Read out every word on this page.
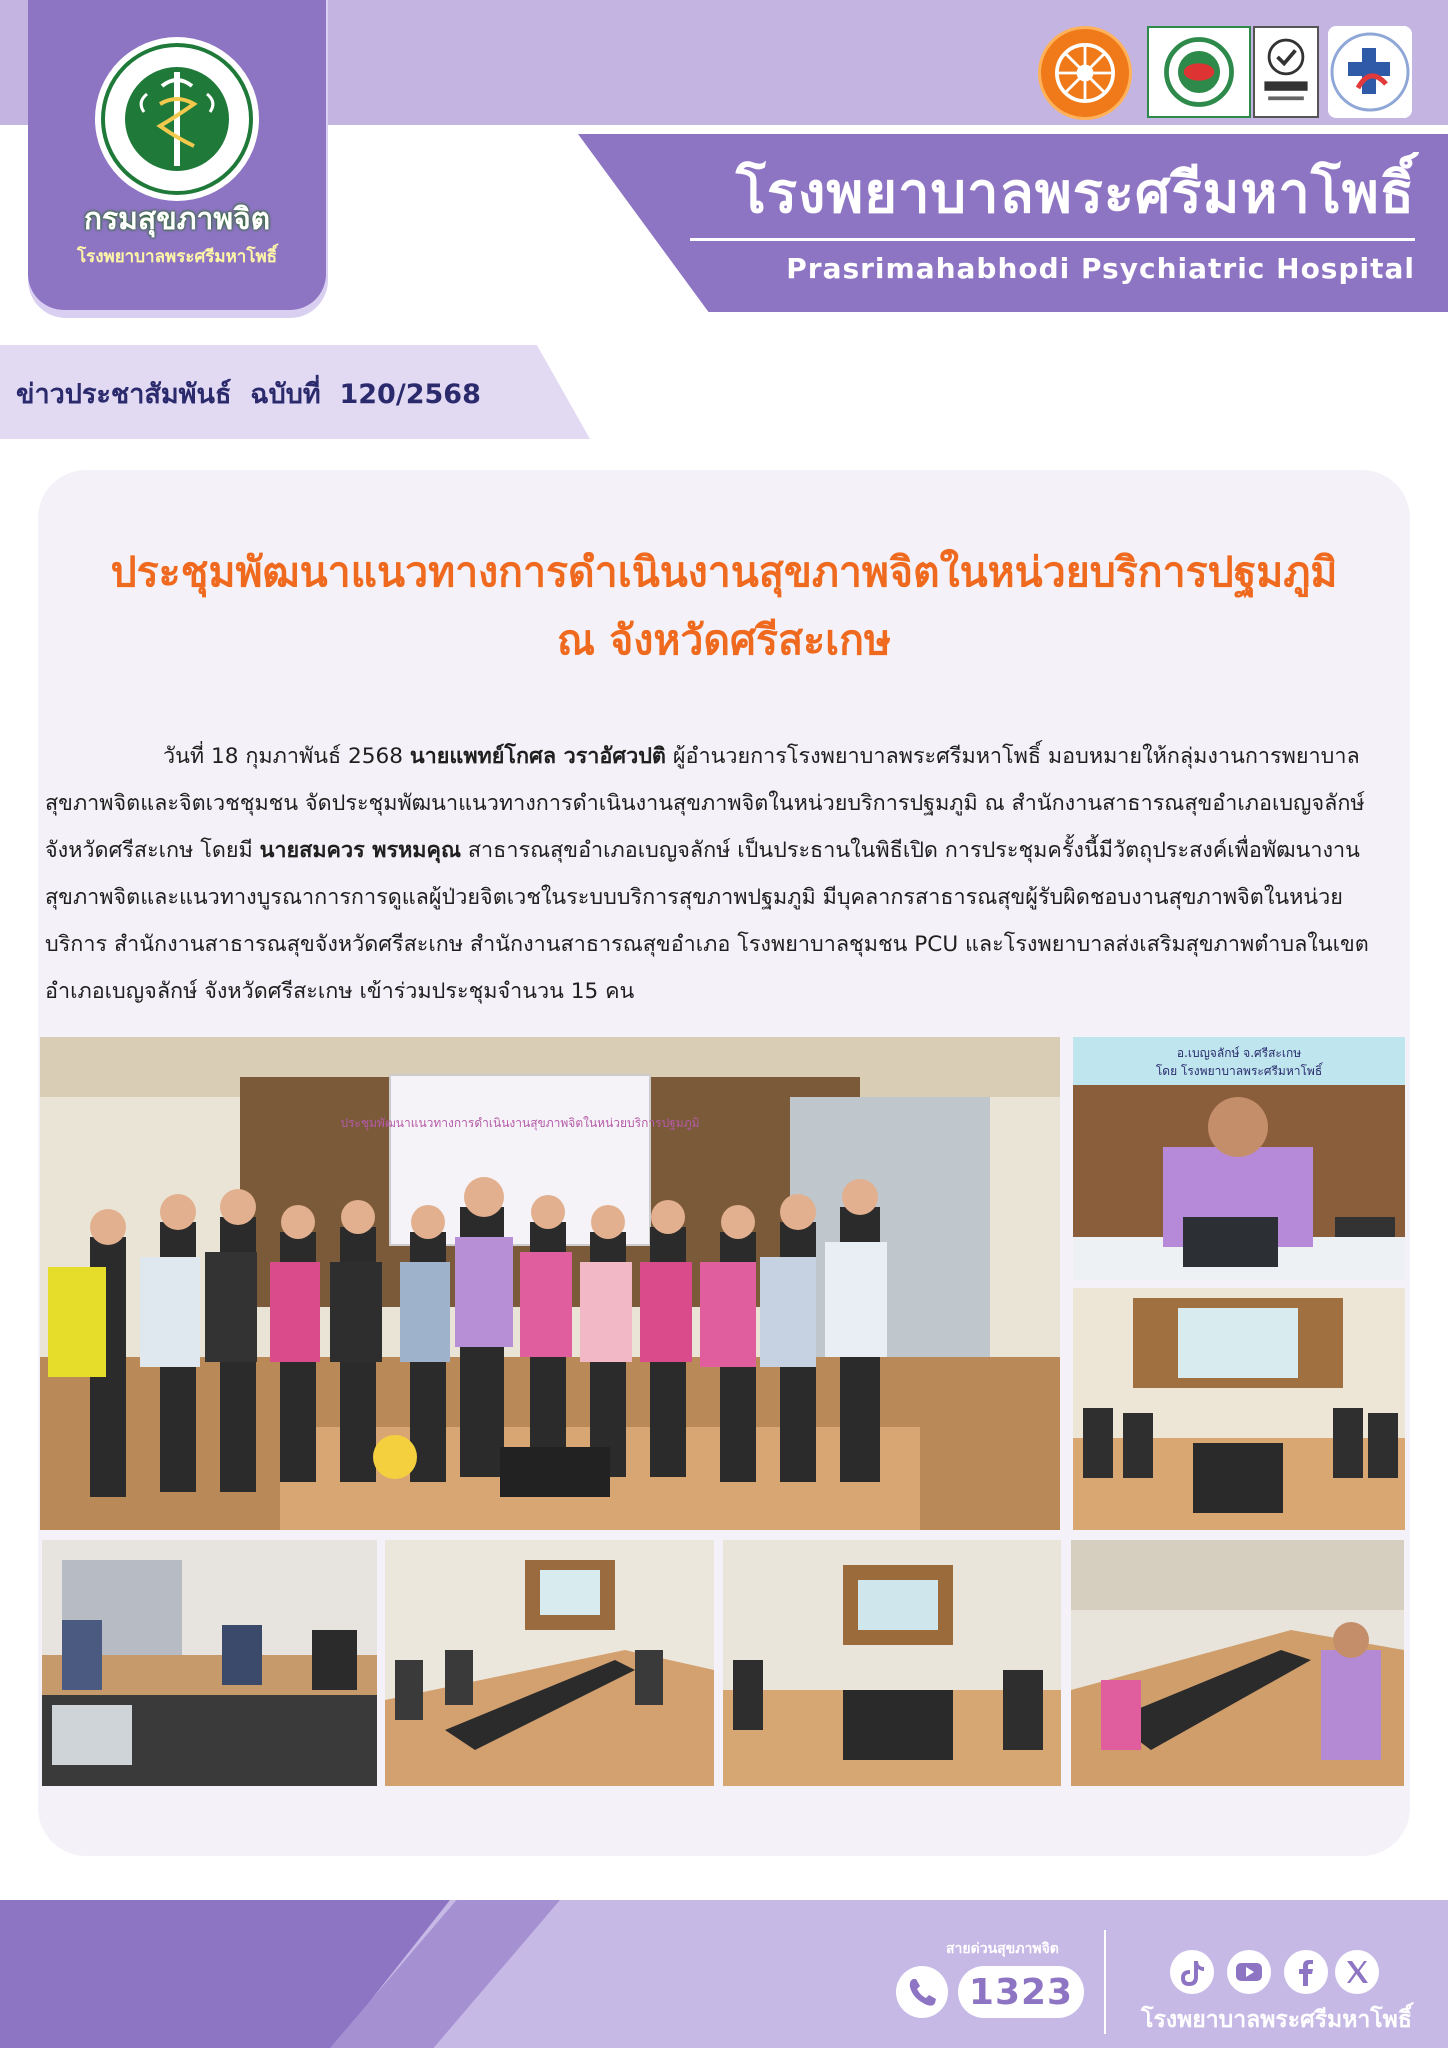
กรมสุขภาพจิต
โรงพยาบาลพระศรีมหาโพธิ์
โรงพยาบาลพระศรีมหาโพธิ์
Prasrimahabhodi Psychiatric Hospital
ข่าวประชาสัมพันธ์  ฉบับที่  120/2568
ประชุมพัฒนาแนวทางการดำเนินงานสุขภาพจิตในหน่วยบริการปฐมภูมิ
ณ จังหวัดศรีสะเกษ
วันที่ 18 กุมภาพันธ์ 2568 นายแพทย์โกศล วราอัศวปติ ผู้อำนวยการโรงพยาบาลพระศรีมหาโพธิ์ มอบหมายให้กลุ่มงานการพยาบาล
สุขภาพจิตและจิตเวชชุมชน จัดประชุมพัฒนาแนวทางการดำเนินงานสุขภาพจิตในหน่วยบริการปฐมภูมิ ณ สำนักงานสาธารณสุขอำเภอเบญจลักษ์
จังหวัดศรีสะเกษ โดยมี นายสมควร พรหมคุณ สาธารณสุขอำเภอเบญจลักษ์ เป็นประธานในพิธีเปิด การประชุมครั้งนี้มีวัตถุประสงค์เพื่อพัฒนางาน
สุขภาพจิตและแนวทางบูรณาการการดูแลผู้ป่วยจิตเวชในระบบบริการสุขภาพปฐมภูมิ มีบุคลากรสาธารณสุขผู้รับผิดชอบงานสุขภาพจิตในหน่วย
บริการ สำนักงานสาธารณสุขจังหวัดศรีสะเกษ สำนักงานสาธารณสุขอำเภอ โรงพยาบาลชุมชน PCU และโรงพยาบาลส่งเสริมสุขภาพตำบลในเขต
อำเภอเบญจลักษ์ จังหวัดศรีสะเกษ เข้าร่วมประชุมจำนวน 15 คน
ประชุมพัฒนาแนวทางการดำเนินงานสุขภาพจิตในหน่วยบริการปฐมภูมิ
อ.เบญจลักษ์ จ.ศรีสะเกษ
โดย โรงพยาบาลพระศรีมหาโพธิ์
สายด่วนสุขภาพจิต
1323
โรงพยาบาลพระศรีมหาโพธิ์
